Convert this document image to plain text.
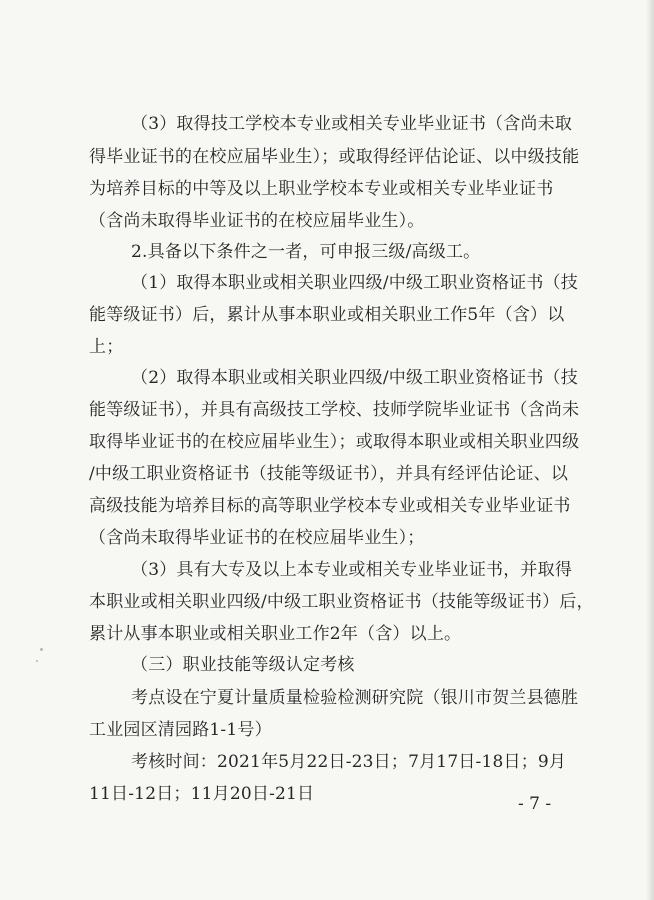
（3）取得技工学校本专业或相关专业毕业证书（含尚未取
得毕业证书的在校应届毕业生）；或取得经评估论证、以中级技能
为培养目标的中等及以上职业学校本专业或相关专业毕业证书
（含尚未取得毕业证书的在校应届毕业生）。
2.具备以下条件之一者，可申报三级/高级工。
（1）取得本职业或相关职业四级/中级工职业资格证书（技
能等级证书）后，累计从事本职业或相关职业工作5年（含）以
上；
（2）取得本职业或相关职业四级/中级工职业资格证书（技
能等级证书），并具有高级技工学校、技师学院毕业证书（含尚未
取得毕业证书的在校应届毕业生）；或取得本职业或相关职业四级
/中级工职业资格证书（技能等级证书），并具有经评估论证、以
高级技能为培养目标的高等职业学校本专业或相关专业毕业证书
（含尚未取得毕业证书的在校应届毕业生）；
（3）具有大专及以上本专业或相关专业毕业证书，并取得
本职业或相关职业四级/中级工职业资格证书（技能等级证书）后，
累计从事本职业或相关职业工作2年（含）以上。
（三）职业技能等级认定考核
考点设在宁夏计量质量检验检测研究院（银川市贺兰县德胜
工业园区清园路1-1号）
考核时间：2021年5月22日-23日；7月17日-18日；9月
11日-12日；11月20日-21日	- 7 -
